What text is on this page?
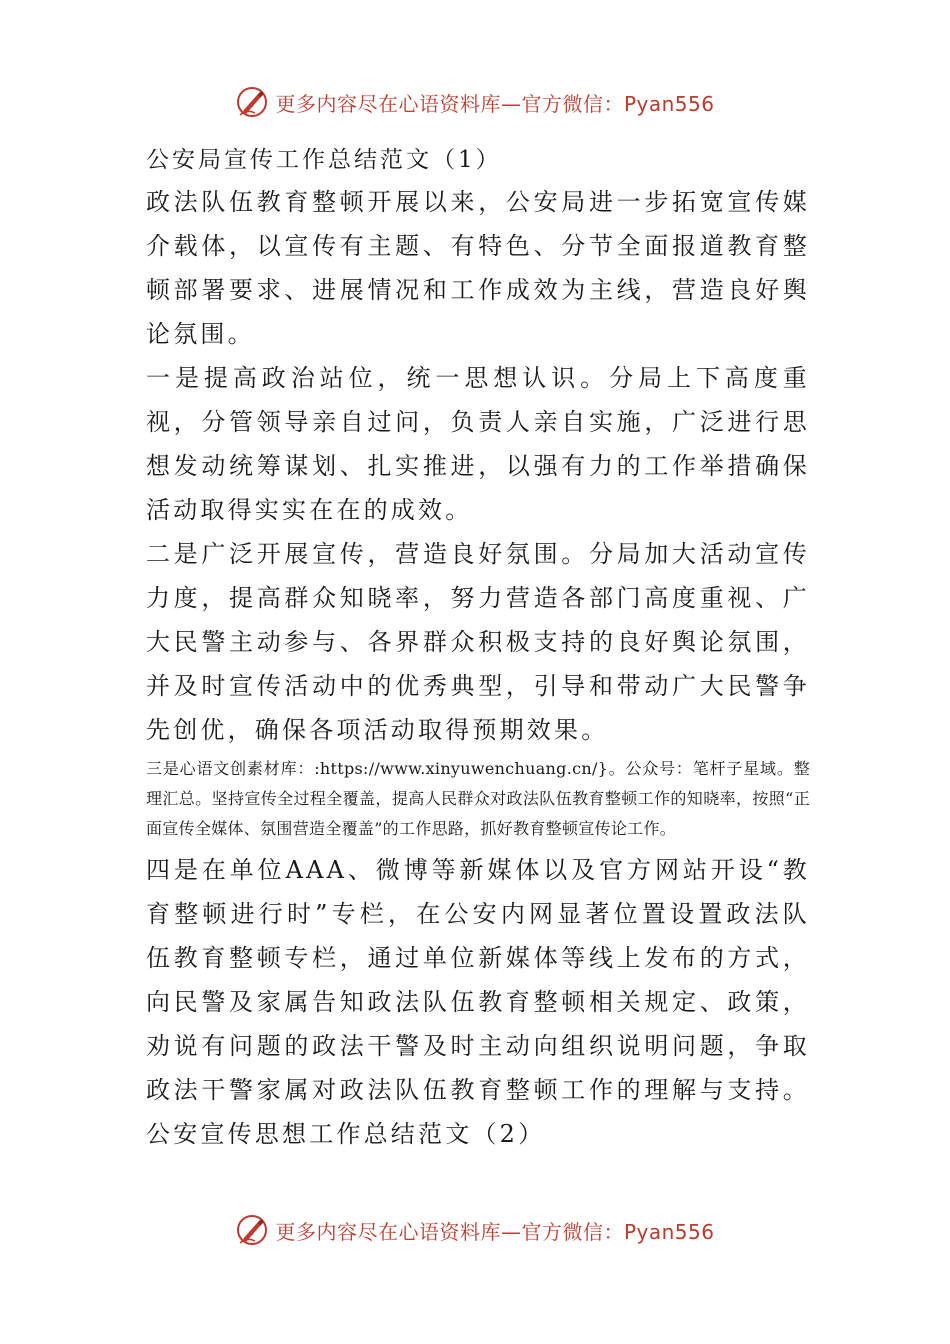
更多内容尽在心语资料库—官方微信：Pyan556

公安局宣传工作总结范文（1）

政法队伍教育整顿开展以来，公安局进一步拓宽宣传媒介载体，以宣传有主题、有特色、分节全面报道教育整顿部署要求、进展情况和工作成效为主线，营造良好舆论氛围。

一是提高政治站位，统一思想认识。分局上下高度重视，分管领导亲自过问，负责人亲自实施，广泛进行思想发动统筹谋划、扎实推进，以强有力的工作举措确保活动取得实实在在的成效。

二是广泛开展宣传，营造良好氛围。分局加大活动宣传力度，提高群众知晓率，努力营造各部门高度重视、广大民警主动参与、各界群众积极支持的良好舆论氛围，并及时宣传活动中的优秀典型，引导和带动广大民警争先创优，确保各项活动取得预期效果。

三是心语文创素材库：:https://www.xinyuwenchuang.cn/}。公众号：笔杆子星域。整理汇总。坚持宣传全过程全覆盖，提高人民群众对政法队伍教育整顿工作的知晓率，按照“正面宣传全媒体、氛围营造全覆盖”的工作思路，抓好教育整顿宣传论工作。

四是在单位AAA、微博等新媒体以及官方网站开设“教育整顿进行时”专栏，在公安内网显著位置设置政法队伍教育整顿专栏，通过单位新媒体等线上发布的方式，向民警及家属告知政法队伍教育整顿相关规定、政策，劝说有问题的政法干警及时主动向组织说明问题，争取政法干警家属对政法队伍教育整顿工作的理解与支持。公安宣传思想工作总结范文（2）

更多内容尽在心语资料库—官方微信：Pyan556
